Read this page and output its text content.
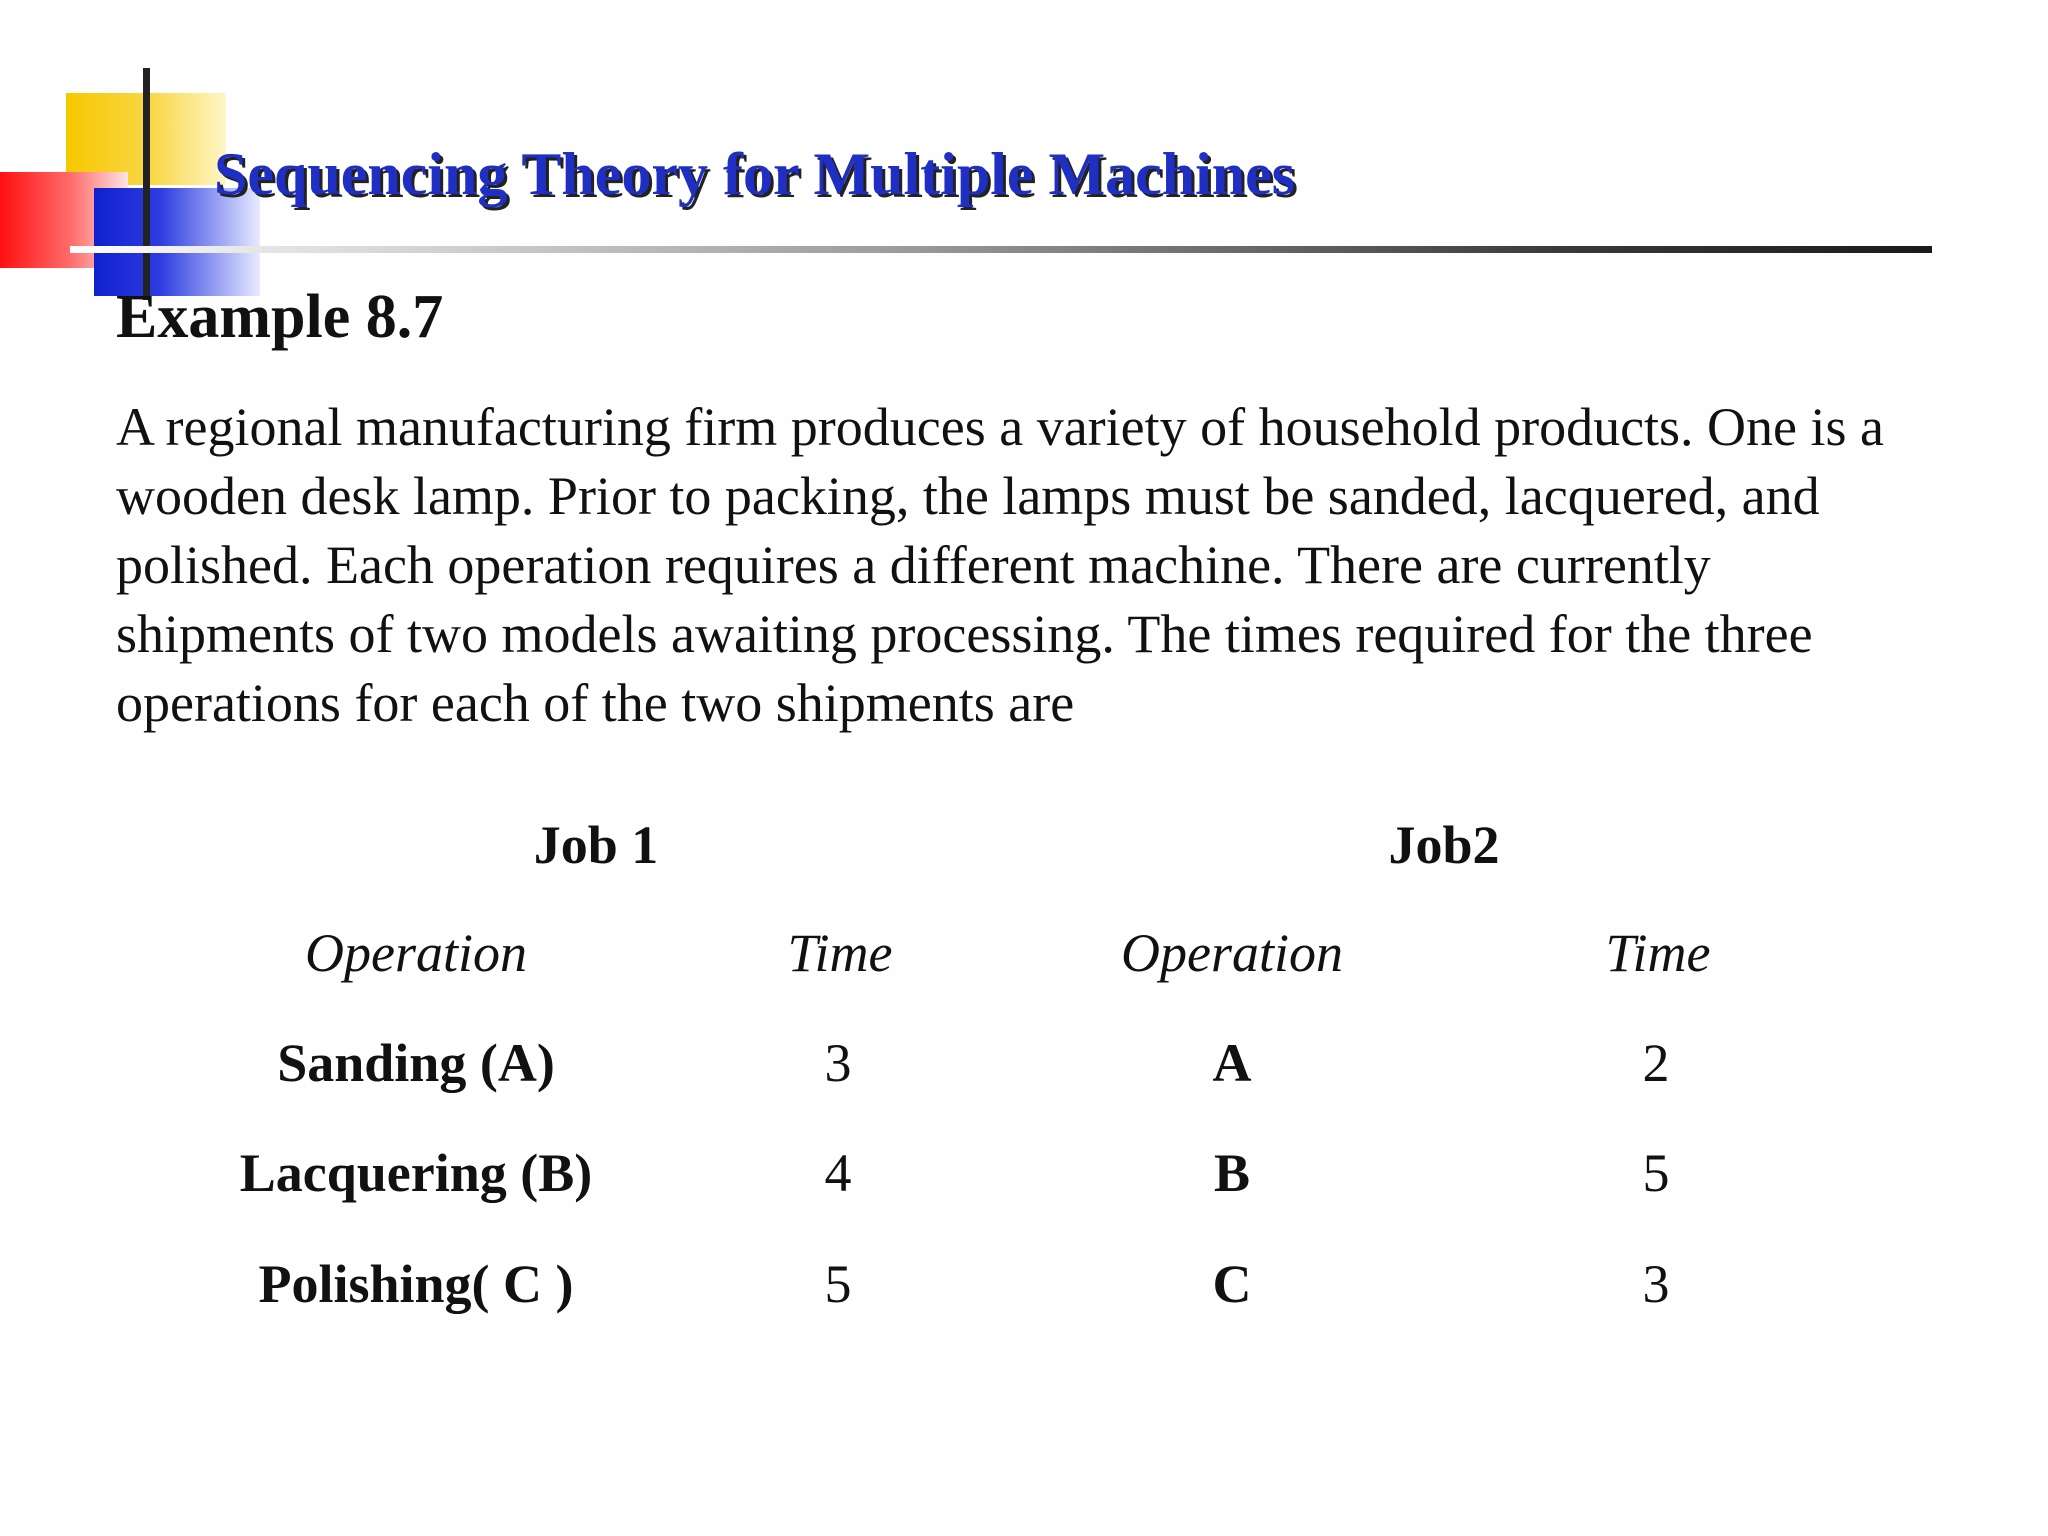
Sequencing Theory for Multiple Machines
Example 8.7
A regional manufacturing firm produces a variety of household products. One is a wooden desk lamp. Prior to packing, the lamps must be sanded, lacquered, and polished. Each operation requires a different machine. There are currently shipments of two models awaiting processing. The times required for the three operations for each of the two shipments are
Job 1
Operation	Time
Sanding (A)	3
Lacquering (B)	4
Polishing( C )	5
Job2
Operation	Time
A	2
B	5
C	3
